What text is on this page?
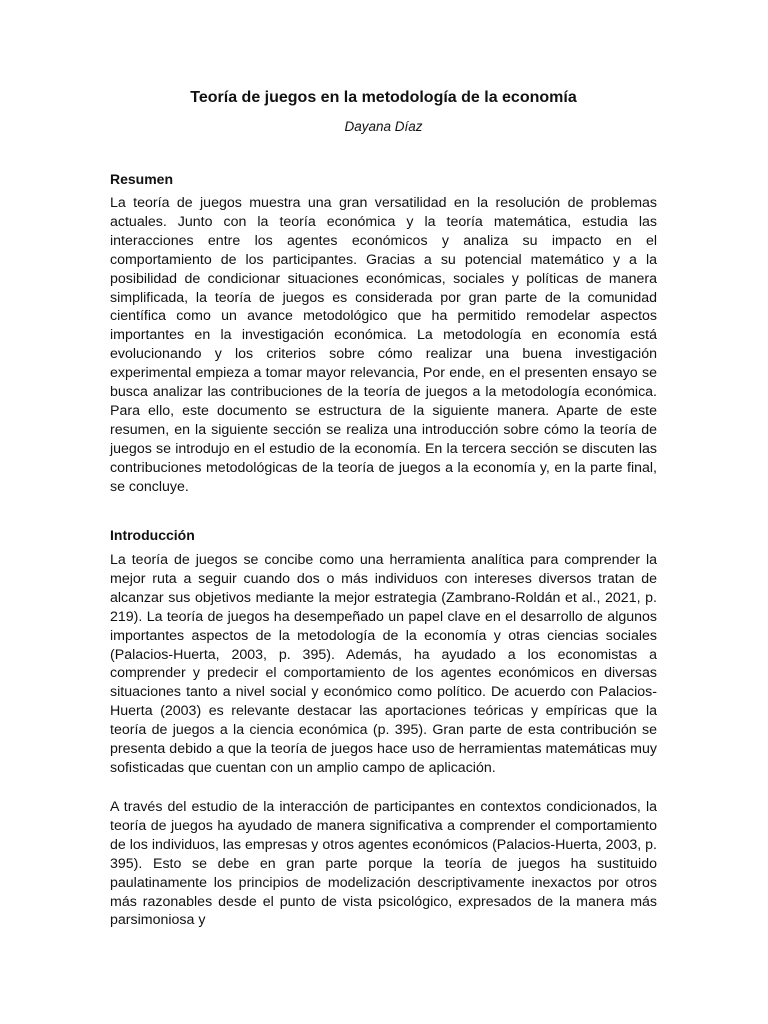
Teoría de juegos en la metodología de la economía

Dayana Díaz

Resumen

La teoría de juegos muestra una gran versatilidad en la resolución de problemas actuales. Junto con la teoría económica y la teoría matemática, estudia las interacciones entre los agentes económicos y analiza su impacto en el comportamiento de los participantes. Gracias a su potencial matemático y a la posibilidad de condicionar situaciones económicas, sociales y políticas de manera simplificada, la teoría de juegos es considerada por gran parte de la comunidad científica como un avance metodológico que ha permitido remodelar aspectos importantes en la investigación económica. La metodología en economía está evolucionando y los criterios sobre cómo realizar una buena investigación experimental empieza a tomar mayor relevancia, Por ende, en el presenten ensayo se busca analizar las contribuciones de la teoría de juegos a la metodología económica. Para ello, este documento se estructura de la siguiente manera. Aparte de este resumen, en la siguiente sección se realiza una introducción sobre cómo la teoría de juegos se introdujo en el estudio de la economía. En la tercera sección se discuten las contribuciones metodológicas de la teoría de juegos a la economía y, en la parte final, se concluye.

Introducción

La teoría de juegos se concibe como una herramienta analítica para comprender la mejor ruta a seguir cuando dos o más individuos con intereses diversos tratan de alcanzar sus objetivos mediante la mejor estrategia (Zambrano-Roldán et al., 2021, p. 219). La teoría de juegos ha desempeñado un papel clave en el desarrollo de algunos importantes aspectos de la metodología de la economía y otras ciencias sociales (Palacios-Huerta, 2003, p. 395). Además, ha ayudado a los economistas a comprender y predecir el comportamiento de los agentes económicos en diversas situaciones tanto a nivel social y económico como político. De acuerdo con Palacios-Huerta (2003) es relevante destacar las aportaciones teóricas y empíricas que la teoría de juegos a la ciencia económica (p. 395). Gran parte de esta contribución se presenta debido a que la teoría de juegos hace uso de herramientas matemáticas muy sofisticadas que cuentan con un amplio campo de aplicación.

A través del estudio de la interacción de participantes en contextos condicionados, la teoría de juegos ha ayudado de manera significativa a comprender el comportamiento de los individuos, las empresas y otros agentes económicos (Palacios-Huerta, 2003, p. 395). Esto se debe en gran parte porque la teoría de juegos ha sustituido paulatinamente los principios de modelización descriptivamente inexactos por otros más razonables desde el punto de vista psicológico, expresados de la manera más parsimoniosa y
